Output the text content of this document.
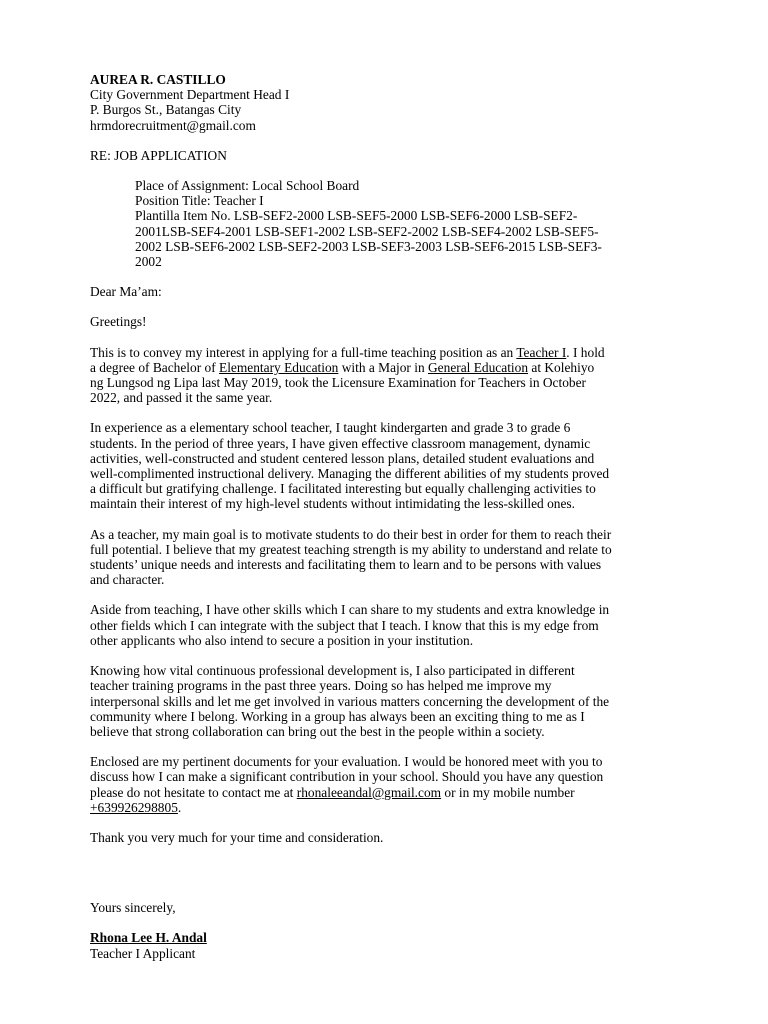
AUREA R. CASTILLO
City Government Department Head I
P. Burgos St., Batangas City
hrmdorecruitment@gmail.com
RE: JOB APPLICATION
Place of Assignment: Local School Board
Position Title: Teacher I
Plantilla Item No. LSB-SEF2-2000 LSB-SEF5-2000 LSB-SEF6-2000 LSB-SEF2-
2001LSB-SEF4-2001 LSB-SEF1-2002 LSB-SEF2-2002 LSB-SEF4-2002 LSB-SEF5-
2002 LSB-SEF6-2002 LSB-SEF2-2003 LSB-SEF3-2003 LSB-SEF6-2015 LSB-SEF3-
2002
Dear Ma’am:
Greetings!
This is to convey my interest in applying for a full-time teaching position as an Teacher I. I hold
a degree of Bachelor of Elementary Education with a Major in General Education at Kolehiyo
ng Lungsod ng Lipa last May 2019, took the Licensure Examination for Teachers in October
2022, and passed it the same year.
In experience as a elementary school teacher, I taught kindergarten and grade 3 to grade 6
students. In the period of three years, I have given effective classroom management, dynamic
activities, well-constructed and student centered lesson plans, detailed student evaluations and
well-complimented instructional delivery. Managing the different abilities of my students proved
a difficult but gratifying challenge. I facilitated interesting but equally challenging activities to
maintain their interest of my high-level students without intimidating the less-skilled ones.
As a teacher, my main goal is to motivate students to do their best in order for them to reach their
full potential. I believe that my greatest teaching strength is my ability to understand and relate to
students’ unique needs and interests and facilitating them to learn and to be persons with values
and character.
Aside from teaching, I have other skills which I can share to my students and extra knowledge in
other fields which I can integrate with the subject that I teach. I know that this is my edge from
other applicants who also intend to secure a position in your institution.
Knowing how vital continuous professional development is, I also participated in different
teacher training programs in the past three years. Doing so has helped me improve my
interpersonal skills and let me get involved in various matters concerning the development of the
community where I belong. Working in a group has always been an exciting thing to me as I
believe that strong collaboration can bring out the best in the people within a society.
Enclosed are my pertinent documents for your evaluation. I would be honored meet with you to
discuss how I can make a significant contribution in your school. Should you have any question
please do not hesitate to contact me at rhonaleeandal@gmail.com or in my mobile number
+639926298805.
Thank you very much for your time and consideration.
Yours sincerely,
Rhona Lee H. Andal
Teacher I Applicant
